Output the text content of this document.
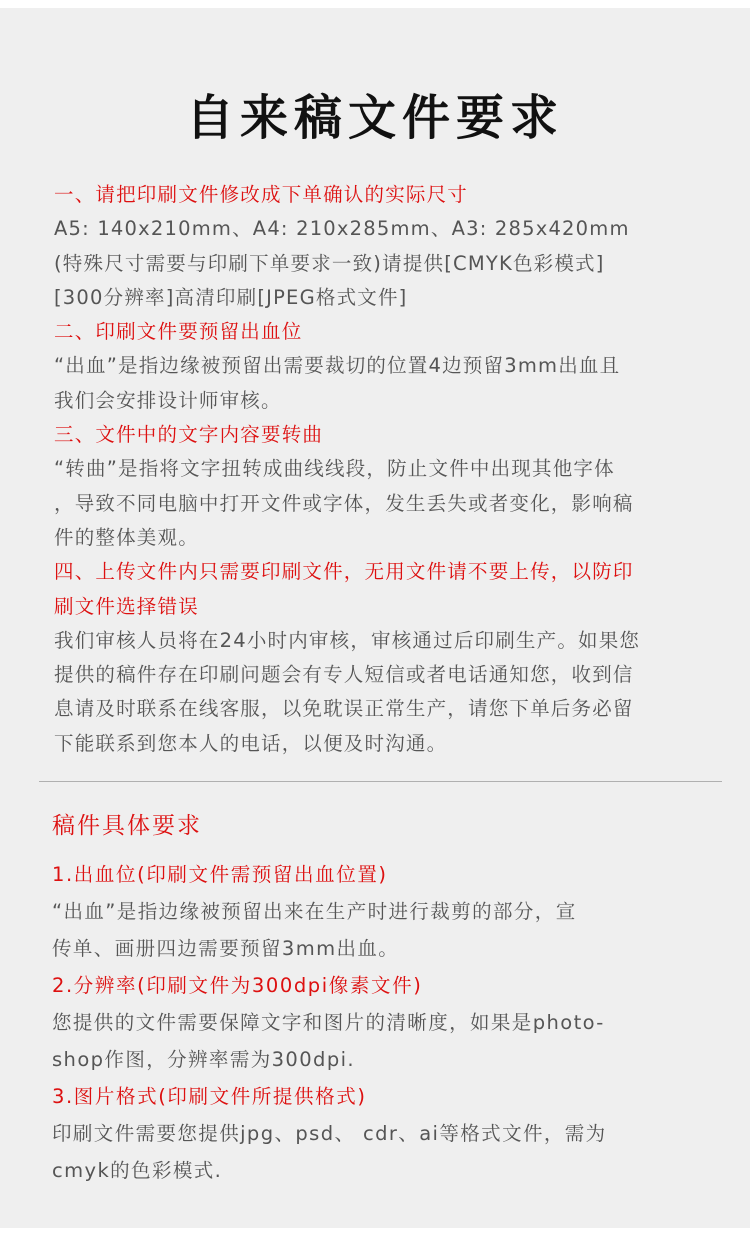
自来稿文件要求

一、请把印刷文件修改成下单确认的实际尺寸

A5: 140x210mm、A4: 210x285mm、A3: 285x420mm

(特殊尺寸需要与印刷下单要求一致)请提供[CMYK色彩模式]

[300分辨率]高清印刷[JPEG格式文件]

二、印刷文件要预留出血位

“出血”是指边缘被预留出需要裁切的位置4边预留3mm出血且

我们会安排设计师审核。

三、文件中的文字内容要转曲

“转曲”是指将文字扭转成曲线线段，防止文件中出现其他字体

，导致不同电脑中打开文件或字体，发生丢失或者变化，影响稿

件的整体美观。

四、上传文件内只需要印刷文件，无用文件请不要上传，以防印

刷文件选择错误

我们审核人员将在24小时内审核，审核通过后印刷生产。如果您

提供的稿件存在印刷问题会有专人短信或者电话通知您，收到信

息请及时联系在线客服，以免耽误正常生产，请您下单后务必留

下能联系到您本人的电话，以便及时沟通。

稿件具体要求

1.出血位(印刷文件需预留出血位置)

“出血”是指边缘被预留出来在生产时进行裁剪的部分，宣

传单、画册四边需要预留3mm出血。

2.分辨率(印刷文件为300dpi像素文件)

您提供的文件需要保障文字和图片的清晰度，如果是photo-

shop作图，分辨率需为300dpi.

3.图片格式(印刷文件所提供格式)

印刷文件需要您提供jpg、psd、 cdr、ai等格式文件，需为

cmyk的色彩模式.
